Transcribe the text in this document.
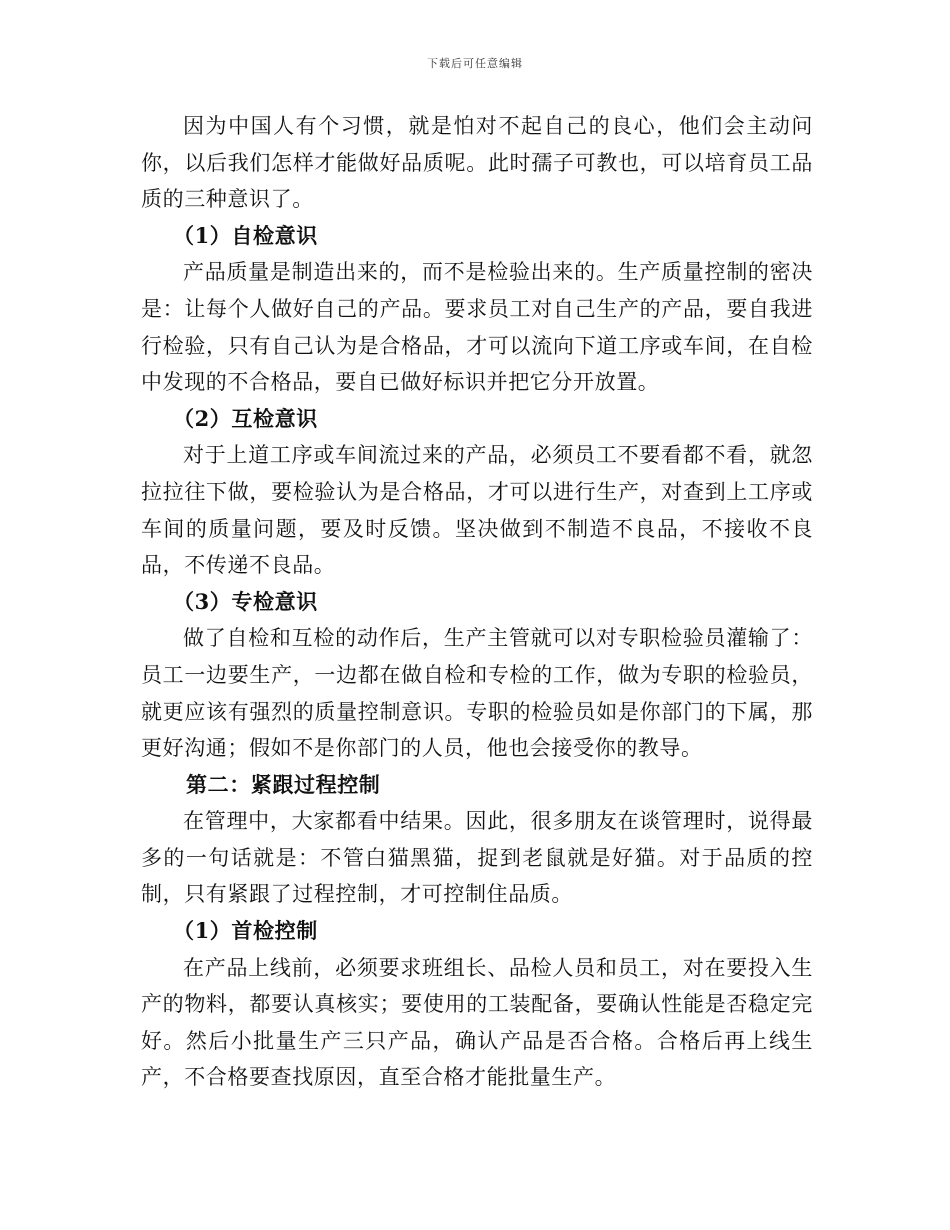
下载后可任意编辑

因为中国人有个习惯，就是怕对不起自己的良心，他们会主动问你，以后我们怎样才能做好品质呢。此时孺子可教也，可以培育员工品质的三种意识了。

（1）自检意识

产品质量是制造出来的，而不是检验出来的。生产质量控制的密决是：让每个人做好自己的产品。要求员工对自己生产的产品，要自我进行检验，只有自己认为是合格品，才可以流向下道工序或车间，在自检中发现的不合格品，要自已做好标识并把它分开放置。

（2）互检意识

对于上道工序或车间流过来的产品，必须员工不要看都不看，就忽拉拉往下做，要检验认为是合格品，才可以进行生产，对查到上工序或车间的质量问题，要及时反馈。坚决做到不制造不良品，不接收不良品，不传递不良品。

（3）专检意识

做了自检和互检的动作后，生产主管就可以对专职检验员灌输了：员工一边要生产，一边都在做自检和专检的工作，做为专职的检验员，就更应该有强烈的质量控制意识。专职的检验员如是你部门的下属，那更好沟通；假如不是你部门的人员，他也会接受你的教导。

第二：紧跟过程控制

在管理中，大家都看中结果。因此，很多朋友在谈管理时，说得最多的一句话就是：不管白猫黑猫，捉到老鼠就是好猫。对于品质的控制，只有紧跟了过程控制，才可控制住品质。

（1）首检控制

在产品上线前，必须要求班组长、品检人员和员工，对在要投入生产的物料，都要认真核实；要使用的工装配备，要确认性能是否稳定完好。然后小批量生产三只产品，确认产品是否合格。合格后再上线生产，不合格要查找原因，直至合格才能批量生产。
